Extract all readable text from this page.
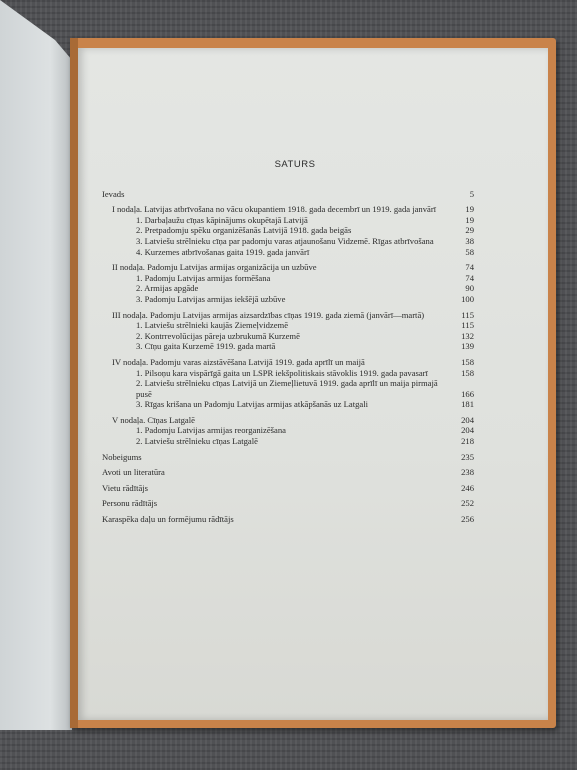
SATURS
Ievads	5
I nodaļa. Latvijas atbrīvošana no vācu okupantiem 1918. gada decembrī un 1919. gada janvārī	19
1. Darbaļaužu cīņas kāpinājums okupētajā Latvijā	19
2. Pretpadomju spēku organizēšanās Latvijā 1918. gada beigās	29
3. Latviešu strēlnieku cīņa par padomju varas atjaunošanu Vidzemē. Rīgas atbrīvošana	38
4. Kurzemes atbrīvošanas gaita 1919. gada janvārī	58
II nodaļa. Padomju Latvijas armijas organizācija un uzbūve	74
1. Padomju Latvijas armijas formēšana	74
2. Armijas apgāde	90
3. Padomju Latvijas armijas iekšējā uzbūve	100
III nodaļa. Padomju Latvijas armijas aizsardzības cīņas 1919. gada ziemā (janvārī—martā)	115
1. Latviešu strēlnieki kaujās Ziemeļvidzemē	115
2. Kontrrevolūcijas pāreja uzbrukumā Kurzemē	132
3. Cīņu gaita Kurzemē 1919. gada martā	139
IV nodaļa. Padomju varas aizstāvēšana Latvijā 1919. gada aprīlī un maijā	158
1. Pilsoņu kara vispārīgā gaita un LSPR iekšpolitiskais stāvoklis 1919. gada pavasarī	158
2. Latviešu strēlnieku cīņas Latvijā un Ziemeļlietuvā 1919. gada aprīlī un maija pirmajā pusē	166
3. Rīgas krišana un Padomju Latvijas armijas atkāpšanās uz Latgali	181
V nodaļa. Cīņas Latgalē	204
1. Padomju Latvijas armijas reorganizēšana	204
2. Latviešu strēlnieku cīņas Latgalē	218
Nobeigums	235
Avoti un literatūra	238
Vietu rādītājs	246
Personu rādītājs	252
Karaspēka daļu un formējumu rādītājs	256
